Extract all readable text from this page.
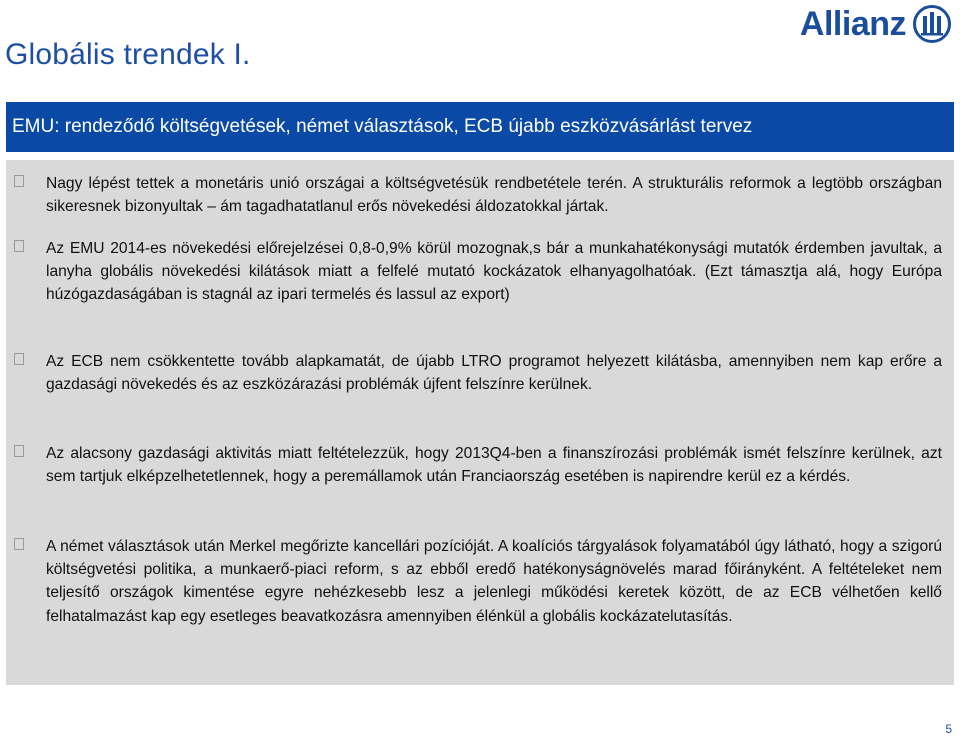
Globális trendek I.
Allianz
EMU: rendeződő költségvetések, német választások, ECB újabb eszközvásárlást tervez

Nagy lépést tettek a monetáris unió országai a költségvetésük rendbetétele terén. A strukturális reformok a legtöbb országban sikeresnek bizonyultak – ám tagadhatatlanul erős növekedési áldozatokkal jártak.

Az EMU 2014-es növekedési előrejelzései 0,8-0,9% körül mozognak,s bár a munkahatékonysági mutatók érdemben javultak, a lanyha globális növekedési kilátások miatt a felfelé mutató kockázatok elhanyagolhatóak. (Ezt támasztja alá, hogy Európa húzógazdaságában is stagnál az ipari termelés és lassul az export)

Az ECB nem csökkentette tovább alapkamatát, de újabb LTRO programot helyezett kilátásba, amennyiben nem kap erőre a gazdasági növekedés és az eszközárazási problémák újfent felszínre kerülnek.

Az alacsony gazdasági aktivitás miatt feltételezzük, hogy 2013Q4-ben a finanszírozási problémák ismét felszínre kerülnek, azt sem tartjuk elképzelhetetlennek, hogy a peremállamok után Franciaország esetében is napirendre kerül ez a kérdés.

A német választások után Merkel megőrizte kancellári pozícióját. A koalíciós tárgyalások folyamatából úgy látható, hogy a szigorú költségvetési politika, a munkaerő-piaci reform, s az ebből eredő hatékonyságnövelés marad főirányként. A feltételeket nem teljesítő országok kimentése egyre nehézkesebb lesz a jelenlegi működési keretek között, de az ECB vélhetően kellő felhatalmazást kap egy esetleges beavatkozásra amennyiben élénkül a globális kockázatelutasítás.

5
